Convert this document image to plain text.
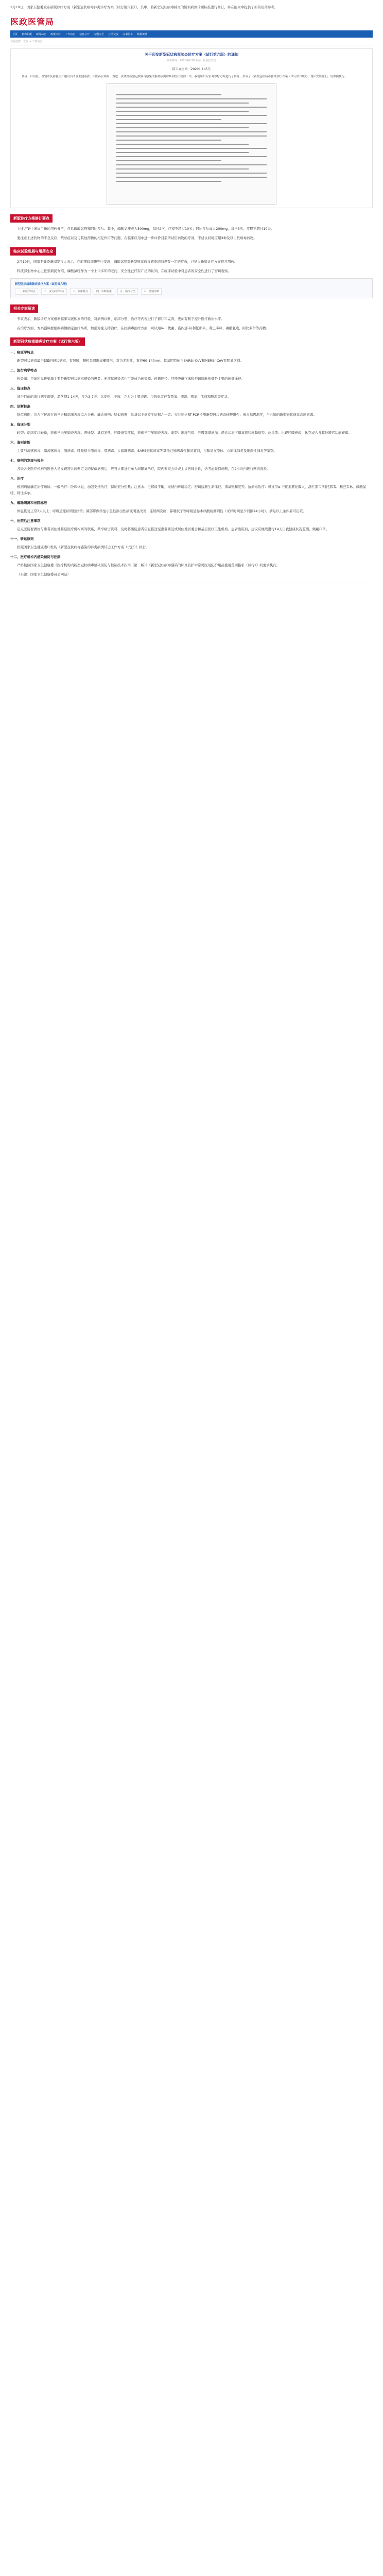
2月19日，国家卫健委发布新版诊疗方案《新型冠状病毒肺炎诊疗方案（试行第六版）》，其中，将新型冠状病毒肺炎的疑似病例诊断标准进行修订，并在附录中提供了新的用药参考。

医政医管局
首页 机构职能 新闻动态 政策文件 工作动态 信息公开 专题专栏 互动交流 办事服务 数据统计
当前位置：首页 > 工作动态
关于印发新型冠状病毒肺炎诊疗方案（试行第六版）的通知
发布时间：2020-02-19 来源：医政医管局
国卫办医函〔2020〕145号

各省、自治区、直辖市及新疆生产建设兵团卫生健康委、中医药管理局：为进一步做好新型冠状病毒感染的肺炎病例诊断和医疗救治工作，我们组织专家对诊疗方案进行了修订，形成了《新型冠状病毒肺炎诊疗方案（试行第六版）》，现印发给你们，请参照执行。

新版诊疗方案修订要点

上述方案中增加了新的用药参考，包括磷酸氯喹和阿比多尔。其中，磷酸氯喹成人500mg，每日2次，疗程不超过10天；阿比多尔成人200mg，每日3次，疗程不超过10天。

要注意上述药物的不良反应、禁忌症以及与其他药物的相互作用等问题，在临床应用中进一步评价目前所试用药物的疗效，不建议同时应用3种及以上抗病毒药物。

临床试验进展与用药安全

2月19日，国家卫健委新闻发言人表示，在前期临床研究中发现，磷酸氯喹对新型冠状病毒感染的肺炎有一定的疗效，已纳入新版诊疗方案推荐用药。

科技部生物中心主任张新民介绍，磷酸氯喹作为一个上市多年的老药，安全性已经有广泛的认知，在临床试验中对患者的安全性进行了密切观察。

新型冠状病毒肺炎诊疗方案（试行第六版）
一、病原学特点	二、流行病学特点	三、临床特点	四、诊断标准	五、临床分型	六、鉴别诊断
相关专家解读

专家表示，新版诊疗方案根据临床实践积累的经验，对病例诊断、临床分型、治疗等内容进行了修订和完善，更加有利于提升医疗救治水平。

在治疗方面，方案强调要根据病情确定治疗场所，加强对症支持治疗，在抗病毒治疗方面，可试用α-干扰素、洛匹那韦/利托那韦、利巴韦林、磷酸氯喹、阿比多尔等药物。

新型冠状病毒肺炎诊疗方案（试行第六版）
一、病原学特点

新型冠状病毒属于β属的冠状病毒，有包膜，颗粒呈圆形或椭圆形，常为多形性，直径60-140nm。其基因特征与SARSr-CoV和MERSr-CoV有明显区别。

二、流行病学特点

传染源：目前所见传染源主要是新型冠状病毒感染的患者。无症状感染者也可能成为传染源。传播途径：经呼吸道飞沫和密切接触传播是主要的传播途径。

三、临床特点

基于目前的流行病学调查，潜伏期1-14天，多为3-7天。以发热、干咳、乏力为主要表现。少数患者伴有鼻塞、流涕、咽痛、肌痛和腹泻等症状。

四、诊断标准

疑似病例：结合下述流行病学史和临床表现综合分析。确诊病例：疑似病例，具备以下病原学证据之一者：实时荧光RT-PCR检测新型冠状病毒核酸阳性；病毒基因测序，与已知的新型冠状病毒高度同源。

五、临床分型

轻型：临床症状轻微，影像学未见肺炎表现。普通型：具有发热、呼吸道等症状，影像学可见肺炎表现。重型：出现气促、呼吸频率增加、静息状态下指氧饱和度降低等。危重型：出现呼吸衰竭、休克或合并其他器官功能衰竭。

六、鉴别诊断

主要与流感病毒、副流感病毒、腺病毒、呼吸道合胞病毒、鼻病毒、人偏肺病毒、SARS冠状病毒等其他已知病毒性肺炎鉴别，与肺炎支原体、衣原体肺炎及细菌性肺炎等鉴别。

七、病例的发现与报告

各级各类医疗机构的医务人员发现符合病例定义的疑似病例后，应当立即进行单人间隔离治疗，院内专家会诊或主诊医师会诊，仍考虑疑似病例，在2小时内进行网络直报。

八、治疗

根据病情确定治疗场所。一般治疗：卧床休息，加强支持治疗，保证充分热量；注意水、电解质平衡，维持内环境稳定；密切监测生命体征、指氧饱和度等。抗病毒治疗：可试用α-干扰素雾化吸入、洛匹那韦/利托那韦、利巴韦林、磷酸氯喹、阿比多尔。

九、解除隔离和出院标准

体温恢复正常3天以上；呼吸道症状明显好转；肺部影像学显示急性渗出性病变明显改善；连续两次痰、鼻咽拭子等呼吸道标本核酸检测阴性（采样时间至少间隔24小时）。满足以上条件者可出院。

十、出院后注意事项

定点医院要做好与患者居住地基层医疗机构间的联系，共享病历资料，及时将出院患者信息推送至患者辖区或居住地居委会和基层医疗卫生机构。患者出院后，建议应继续进行14天自我健康状况监测，佩戴口罩。

十一、转运原则

按照国家卫生健康委印发的《新型冠状病毒感染的肺炎病例转运工作方案（试行）》执行。

十二、医疗机构内感染预防与控制

严格按照国家卫生健康委《医疗机构内新型冠状病毒感染预防与控制技术指南（第一版）》《新型冠状病毒感染的肺炎防护中常见医用防护用品使用范围指引（试行）》的要求执行。

（来源：国家卫生健康委员会网站）
